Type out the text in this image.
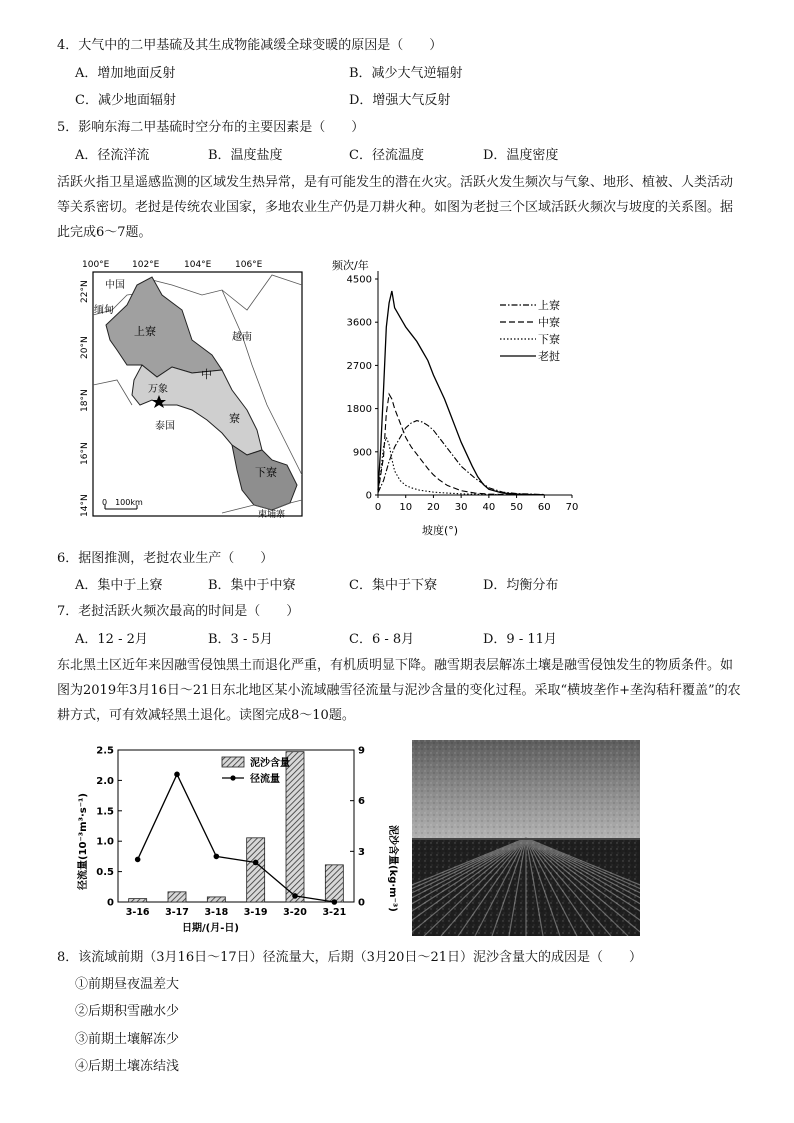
4．大气中的二甲基硫及其生成物能减缓全球变暖的原因是（　　）
A．增加地面反射	B．减少大气逆辐射
C．减少地面辐射	D．增强大气反射
5．影响东海二甲基硫时空分布的主要因素是（　　）
A．径流洋流	B．温度盐度	C．径流温度	D．温度密度
活跃火指卫星遥感监测的区域发生热异常，是有可能发生的潜在火灾。活跃火发生频次与气象、地形、植被、人类活动等关系密切。老挝是传统农业国家，多地农业生产仍是刀耕火种。如图为老挝三个区域活跃火频次与坡度的关系图。据此完成6～7题。
100°E	102°E	104°E	106°E
22°N
20°N
18°N
16°N
14°N
中国
缅甸
上寮	越南
中
万象
寮
泰国
下寮
柬埔寨
0　100km
频次/年
坡度(°)
0
900
1800
2700
3600
4500
0 10 20 30 40 50 60 70
上寮
中寮
下寮
老挝
6．据图推测，老挝农业生产（　　）
A．集中于上寮	B．集中于中寮	C．集中于下寮	D．均衡分布
7．老挝活跃火频次最高的时间是（　　）
A．12 - 2月	B．3 - 5月	C．6 - 8月	D．9 - 11月
东北黑土区近年来因融雪侵蚀黑土而退化严重，有机质明显下降。融雪期表层解冻土壤是融雪侵蚀发生的物质条件。如图为2019年3月16日～21日东北地区某小流域融雪径流量与泥沙含量的变化过程。采取“横坡垄作+垄沟秸秆覆盖”的农耕方式，可有效减轻黑土退化。读图完成8～10题。
径流量(10⁻³m³·s⁻¹)	泥沙含量(kg·m⁻³)
日期/(月-日)
0
0.5
1.0
1.5
2.0
2.5
0
3
6
9
3-16 3-17 3-18 3-19 3-20 3-21
泥沙含量
径流量
8．该流域前期（3月16日～17日）径流量大，后期（3月20日～21日）泥沙含量大的成因是（　　）
①前期昼夜温差大
②后期积雪融水少
③前期土壤解冻少
④后期土壤冻结浅
